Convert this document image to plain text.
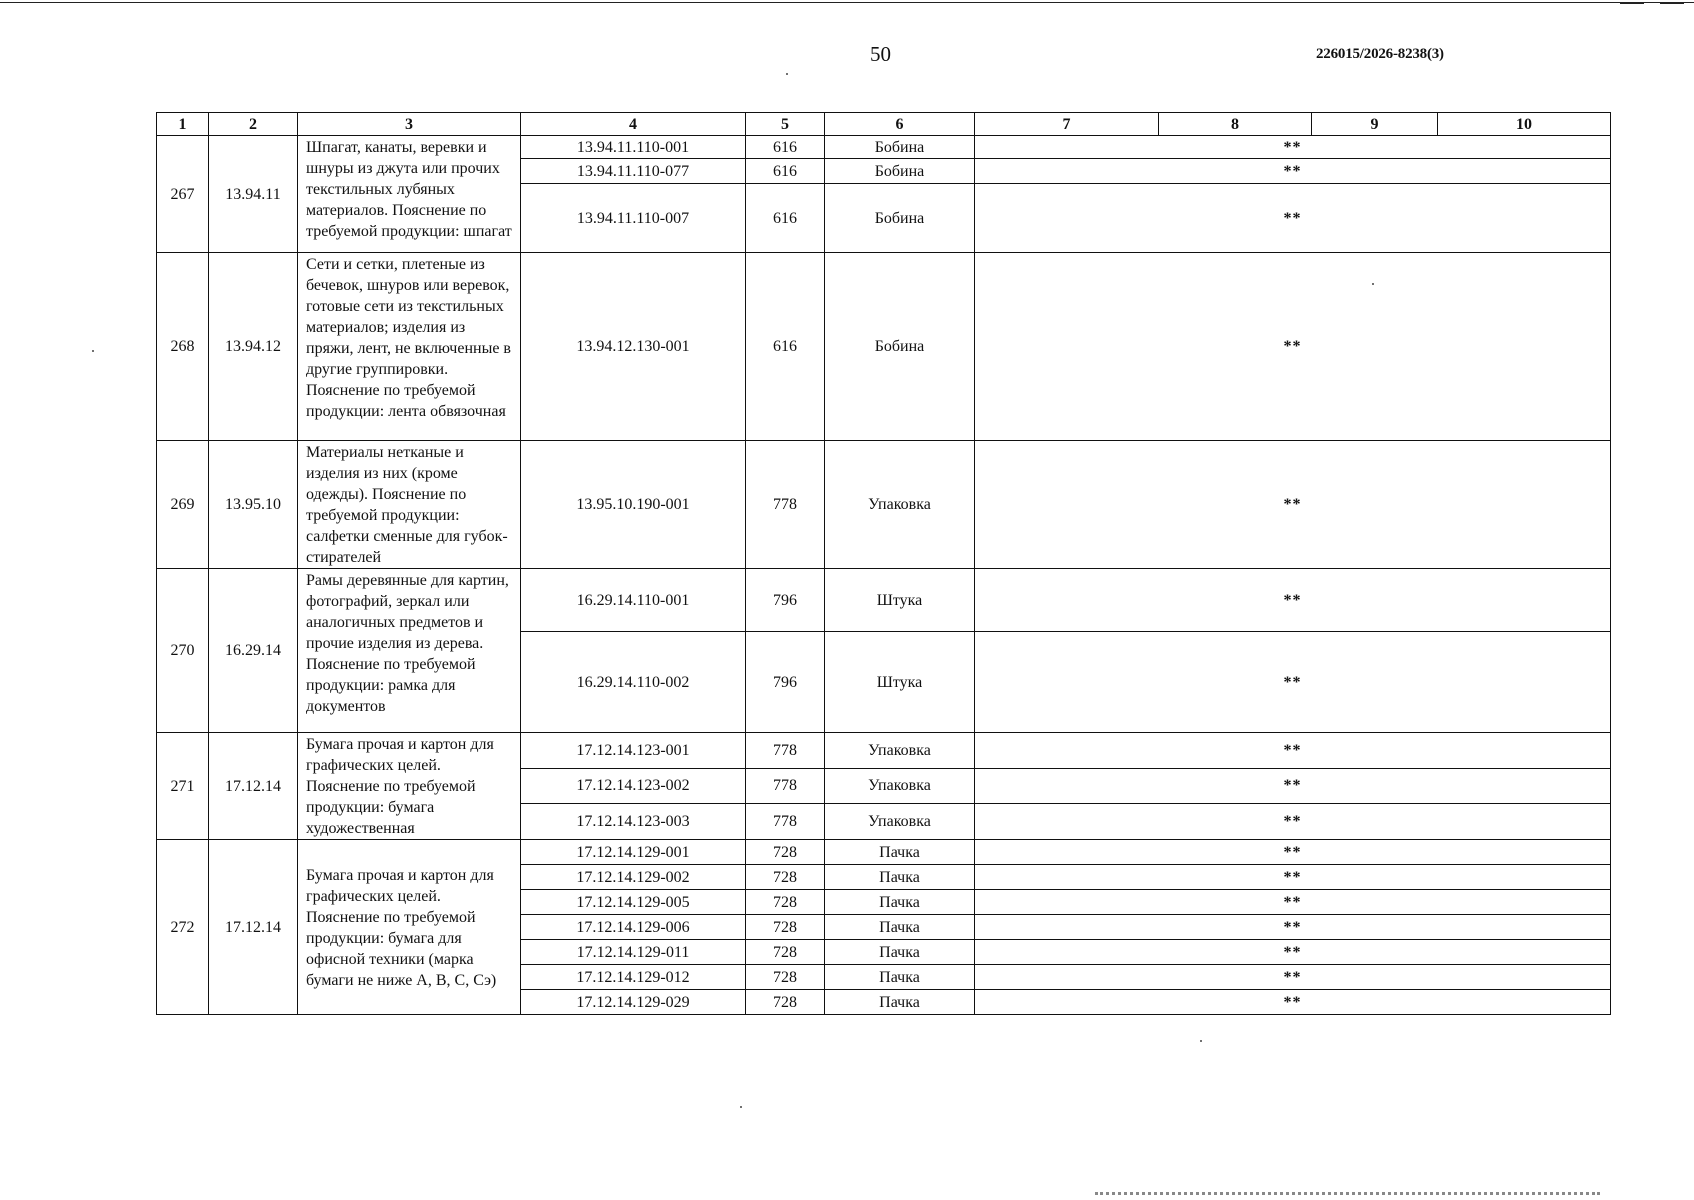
50	226015/2026-8238(3)
1	2	3	4	5	6	7	8	9	10
267	13.94.11	Шпагат, канаты, веревки и шнуры из джута или прочих текстильных лубяных материалов. Пояснение по требуемой продукции: шпагат	13.94.11.110-001	616	Бобина	**			
			13.94.11.110-077	616	Бобина	**			
			13.94.11.110-007	616	Бобина	**			
268	13.94.12	Сети и сетки, плетеные из бечевок, шнуров или веревок, готовые сети из текстильных материалов; изделия из пряжи, лент, не включенные в другие группировки. Пояснение по требуемой продукции: лента обвязочная	13.94.12.130-001	616	Бобина	**			
269	13.95.10	Материалы нетканые и изделия из них (кроме одежды). Пояснение по требуемой продукции: салфетки сменные для губок-стирателей	13.95.10.190-001	778	Упаковка	**			
270	16.29.14	Рамы деревянные для картин, фотографий, зеркал или аналогичных предметов и прочие изделия из дерева. Пояснение по требуемой продукции: рамка для документов	16.29.14.110-001	796	Штука	**			
			16.29.14.110-002	796	Штука	**			
271	17.12.14	Бумага прочая и картон для графических целей. Пояснение по требуемой продукции: бумага художественная	17.12.14.123-001	778	Упаковка	**			
			17.12.14.123-002	778	Упаковка	**			
			17.12.14.123-003	778	Упаковка	**			
272	17.12.14	Бумага прочая и картон для графических целей. Пояснение по требуемой продукции: бумага для офисной техники (марка бумаги не ниже А, В, С, Сэ)	17.12.14.129-001	728	Пачка	**			
			17.12.14.129-002	728	Пачка	**			
			17.12.14.129-005	728	Пачка	**			
			17.12.14.129-006	728	Пачка	**			
			17.12.14.129-011	728	Пачка	**			
			17.12.14.129-012	728	Пачка	**			
			17.12.14.129-029	728	Пачка	**			
